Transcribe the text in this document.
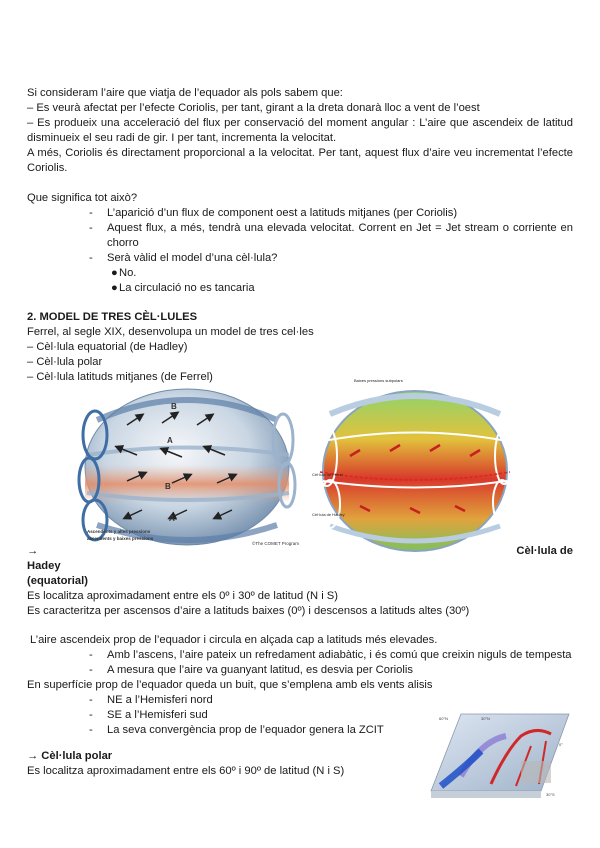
Si consideram l’aire que viatja de l’equador als pols sabem que:
– Es veurà afectat per l’efecte Coriolis, per tant, girant a la dreta donarà lloc a vent de l’oest
– Es produeix una acceleració del flux per conservació del moment angular : L’aire que ascendeix de latitud disminueix el seu radi de gir. I per tant, incrementa la velocitat.
A més, Coriolis és directament proporcional a la velocitat. Per tant, aquest flux d’aire veu incrementat l’efecte Coriolis.
Que significa tot això?
- L’aparició d’un flux de component oest a latituds mitjanes (per Coriolis)
- Aquest flux, a més, tendrà una elevada velocitat. Corrent en Jet = Jet stream o corriente en chorro
- Serà vàlid el model d’una cèl·lula?
● No.
● La circulació no es tancaria
2. MODEL DE TRES CÈL·LULES
Ferrel, al segle XIX, desenvolupa un model de tres cel·les
– Cèl·lula equatorial (de Hadley)
– Cèl·lula polar
– Cèl·lula latituds mitjanes (de Ferrel)
B
A
B
A
Ascendents y altes pressions
ascendents y baixes pressions
©The COMET Program
Baixes pressions subpolars
Cèl·lula de Ferrel
Cèl·lula de Hadley
→	Cèl·lula de
Hadey
(equatorial)
Es localitza aproximadament entre els 0º i 30º de latitud (N i S)
Es caracteritza per ascensos d’aire a latituds baixes (0º) i descensos a latituds altes (30º)
L’aire ascendeix prop de l’equador i circula en alçada cap a latituds més elevades.
- Amb l’ascens, l’aire pateix un refredament adiabàtic, i és comú que creixin niguls de tempesta
- A mesura que l’aire va guanyant latitud, es desvia per Coriolis
En superfície prop de l’equador queda un buit, que s’emplena amb els vents alisis
- NE a l’Hemisferi nord
- SE a l’Hemisferi sud
- La seva convergència prop de l’equador genera la ZCIT
→ Cèl·lula polar
Es localitza aproximadament entre els 60º i 90º de latitud (N i S)
60°N	30°N
0°
30°S
